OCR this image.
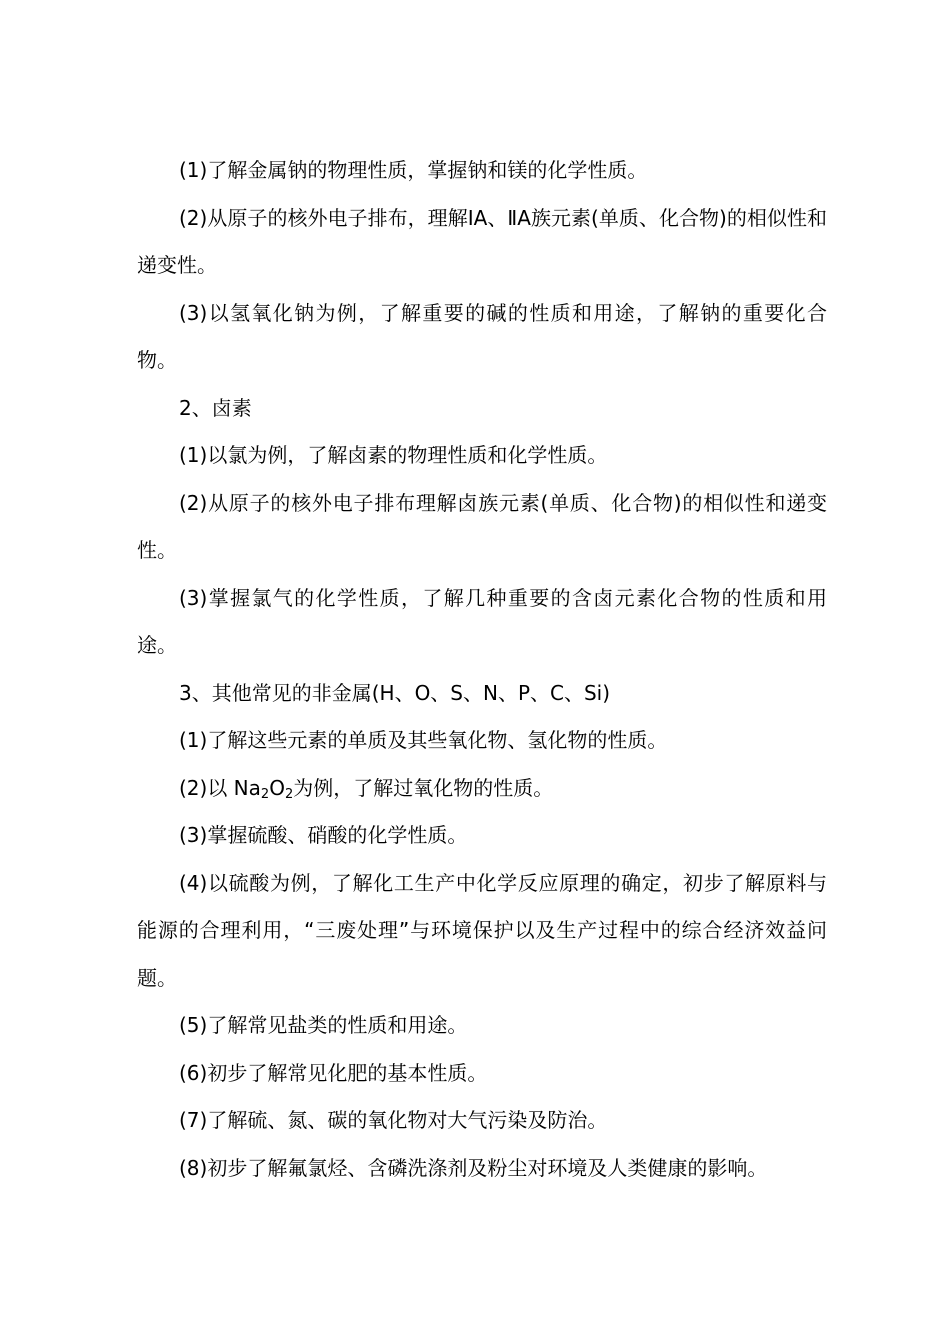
(1)了解金属钠的物理性质，掌握钠和镁的化学性质。

(2)从原子的核外电子排布，理解ⅠA、ⅡA族元素(单质、化合物)的相似性和递变性。

(3)以氢氧化钠为例，了解重要的碱的性质和用途，了解钠的重要化合物。

2、卤素

(1)以氯为例，了解卤素的物理性质和化学性质。

(2)从原子的核外电子排布理解卤族元素(单质、化合物)的相似性和递变性。

(3)掌握氯气的化学性质，了解几种重要的含卤元素化合物的性质和用途。

3、其他常见的非金属(H、O、S、N、P、C、Si)

(1)了解这些元素的单质及其些氧化物、氢化物的性质。

(2)以 $Na_2O_2$为例，了解过氧化物的性质。

(3)掌握硫酸、硝酸的化学性质。

(4)以硫酸为例，了解化工生产中化学反应原理的确定，初步了解原料与能源的合理利用，“三废处理”与环境保护以及生产过程中的综合经济效益问题。

(5)了解常见盐类的性质和用途。

(6)初步了解常见化肥的基本性质。

(7)了解硫、氮、碳的氧化物对大气污染及防治。

(8)初步了解氟氯烃、含磷洗涤剂及粉尘对环境及人类健康的影响。
